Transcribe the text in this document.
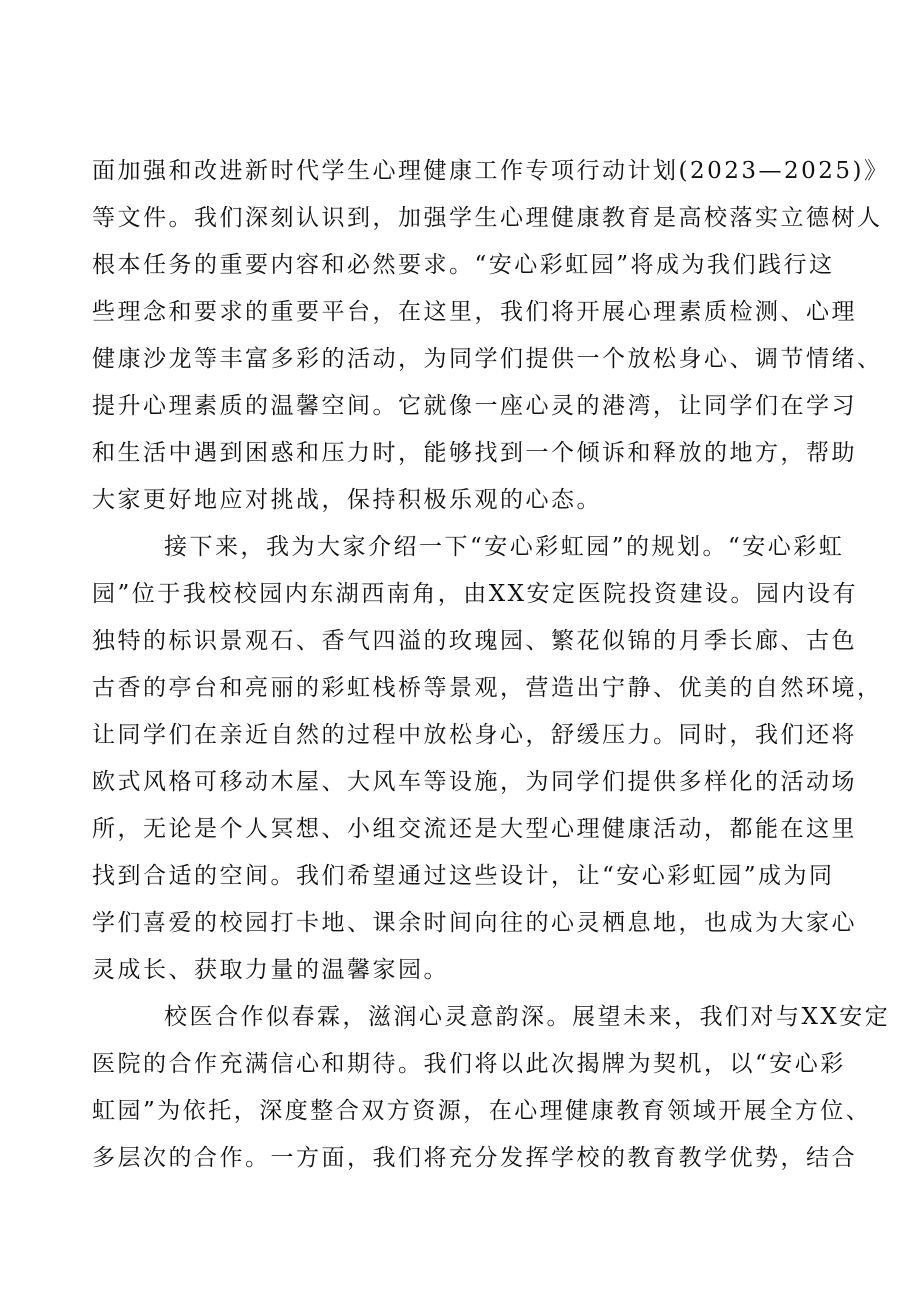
面加强和改进新时代学生心理健康工作专项行动计划(2023—2025)》
等文件。我们深刻认识到，加强学生心理健康教育是高校落实立德树人
根本任务的重要内容和必然要求。“安心彩虹园”将成为我们践行这
些理念和要求的重要平台，在这里，我们将开展心理素质检测、心理
健康沙龙等丰富多彩的活动，为同学们提供一个放松身心、调节情绪、
提升心理素质的温馨空间。它就像一座心灵的港湾，让同学们在学习
和生活中遇到困惑和压力时，能够找到一个倾诉和释放的地方，帮助
大家更好地应对挑战，保持积极乐观的心态。
接下来，我为大家介绍一下“安心彩虹园”的规划。“安心彩虹
园”位于我校校园内东湖西南角，由XX安定医院投资建设。园内设有
独特的标识景观石、香气四溢的玫瑰园、繁花似锦的月季长廊、古色
古香的亭台和亮丽的彩虹栈桥等景观，营造出宁静、优美的自然环境，
让同学们在亲近自然的过程中放松身心，舒缓压力。同时，我们还将
欧式风格可移动木屋、大风车等设施，为同学们提供多样化的活动场
所，无论是个人冥想、小组交流还是大型心理健康活动，都能在这里
找到合适的空间。我们希望通过这些设计，让“安心彩虹园”成为同
学们喜爱的校园打卡地、课余时间向往的心灵栖息地，也成为大家心
灵成长、获取力量的温馨家园。
校医合作似春霖，滋润心灵意韵深。展望未来，我们对与XX安定
医院的合作充满信心和期待。我们将以此次揭牌为契机，以“安心彩
虹园”为依托，深度整合双方资源，在心理健康教育领域开展全方位、
多层次的合作。一方面，我们将充分发挥学校的教育教学优势，结合
